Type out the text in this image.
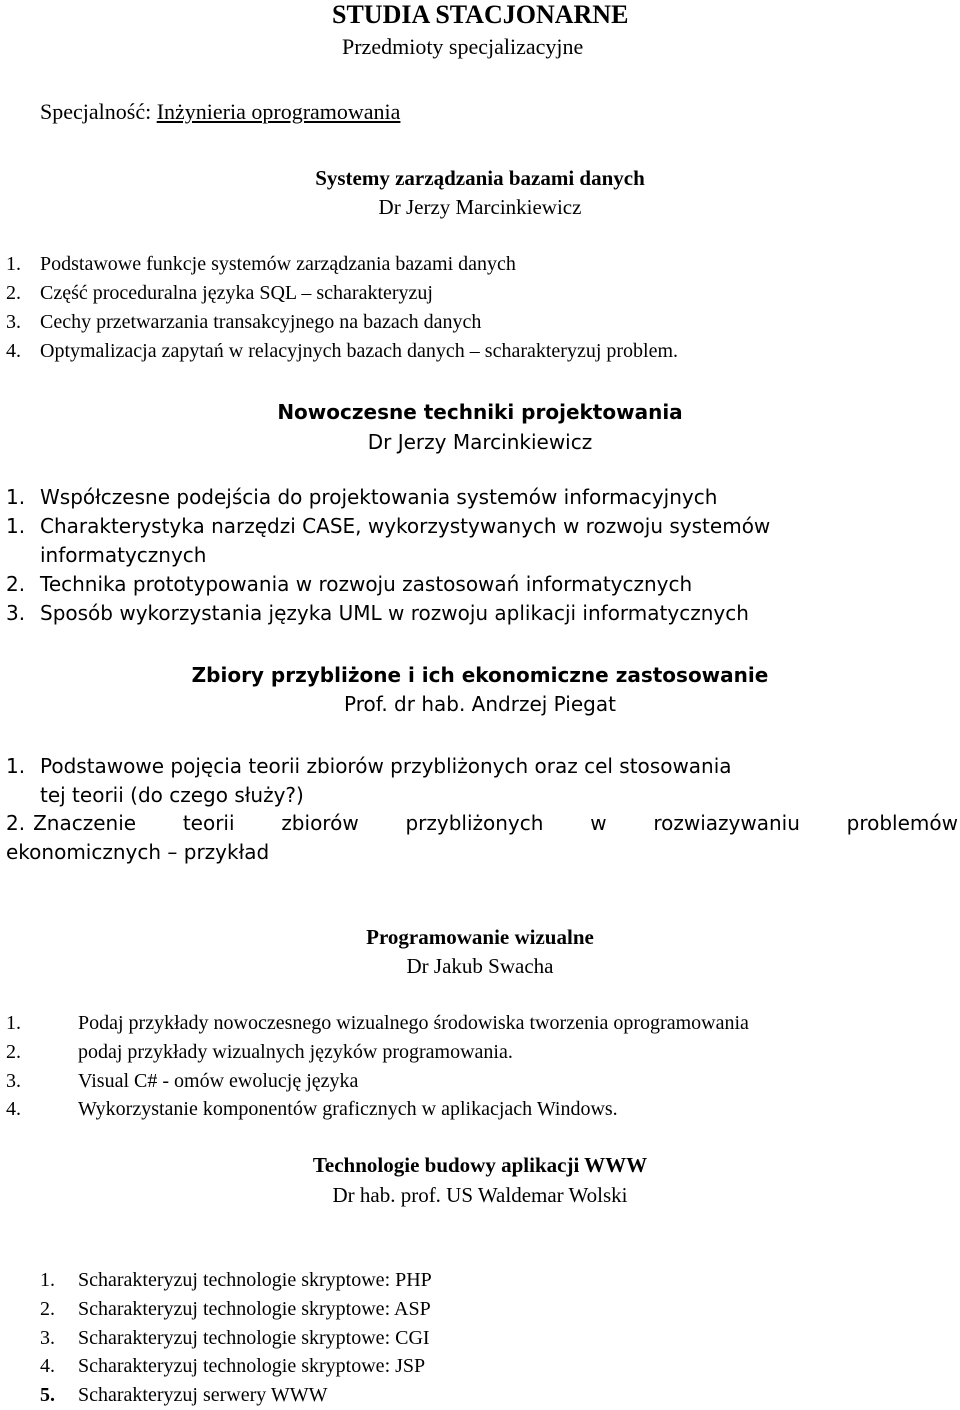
STUDIA STACJONARNE
Przedmioty specjalizacyjne
Specjalność: Inżynieria oprogramowania
Systemy zarządzania bazami danych
Dr Jerzy Marcinkiewicz
1. Podstawowe funkcje systemów zarządzania bazami danych
2. Część proceduralna języka SQL – scharakteryzuj
3. Cechy przetwarzania transakcyjnego na bazach danych
4. Optymalizacja zapytań w relacyjnych bazach danych – scharakteryzuj problem.
Nowoczesne techniki projektowania
Dr Jerzy Marcinkiewicz
1. Współczesne podejścia do projektowania systemów informacyjnych
1. Charakterystyka narzędzi CASE, wykorzystywanych w rozwoju systemów
informatycznych
2. Technika prototypowania w rozwoju zastosowań informatycznych
3. Sposób wykorzystania języka UML w rozwoju aplikacji informatycznych
Zbiory przybliżone i ich ekonomiczne zastosowanie
Prof. dr hab. Andrzej Piegat
1. Podstawowe pojęcia teorii zbiorów przybliżonych oraz cel stosowania
tej teorii (do czego służy?)
2. Znaczenie teorii zbiorów przybliżonych w rozwiazywaniu problemów
ekonomicznych – przykład
Programowanie wizualne
Dr Jakub Swacha
1.	Podaj przykłady nowoczesnego wizualnego środowiska tworzenia oprogramowania
2.	podaj przykłady wizualnych języków programowania.
3.	Visual C# - omów ewolucję języka
4.	Wykorzystanie komponentów graficznych w aplikacjach Windows.
Technologie budowy aplikacji WWW
Dr hab. prof. US Waldemar Wolski
1. Scharakteryzuj technologie skryptowe: PHP
2. Scharakteryzuj technologie skryptowe: ASP
3. Scharakteryzuj technologie skryptowe: CGI
4. Scharakteryzuj technologie skryptowe: JSP
5. Scharakteryzuj serwery WWW
